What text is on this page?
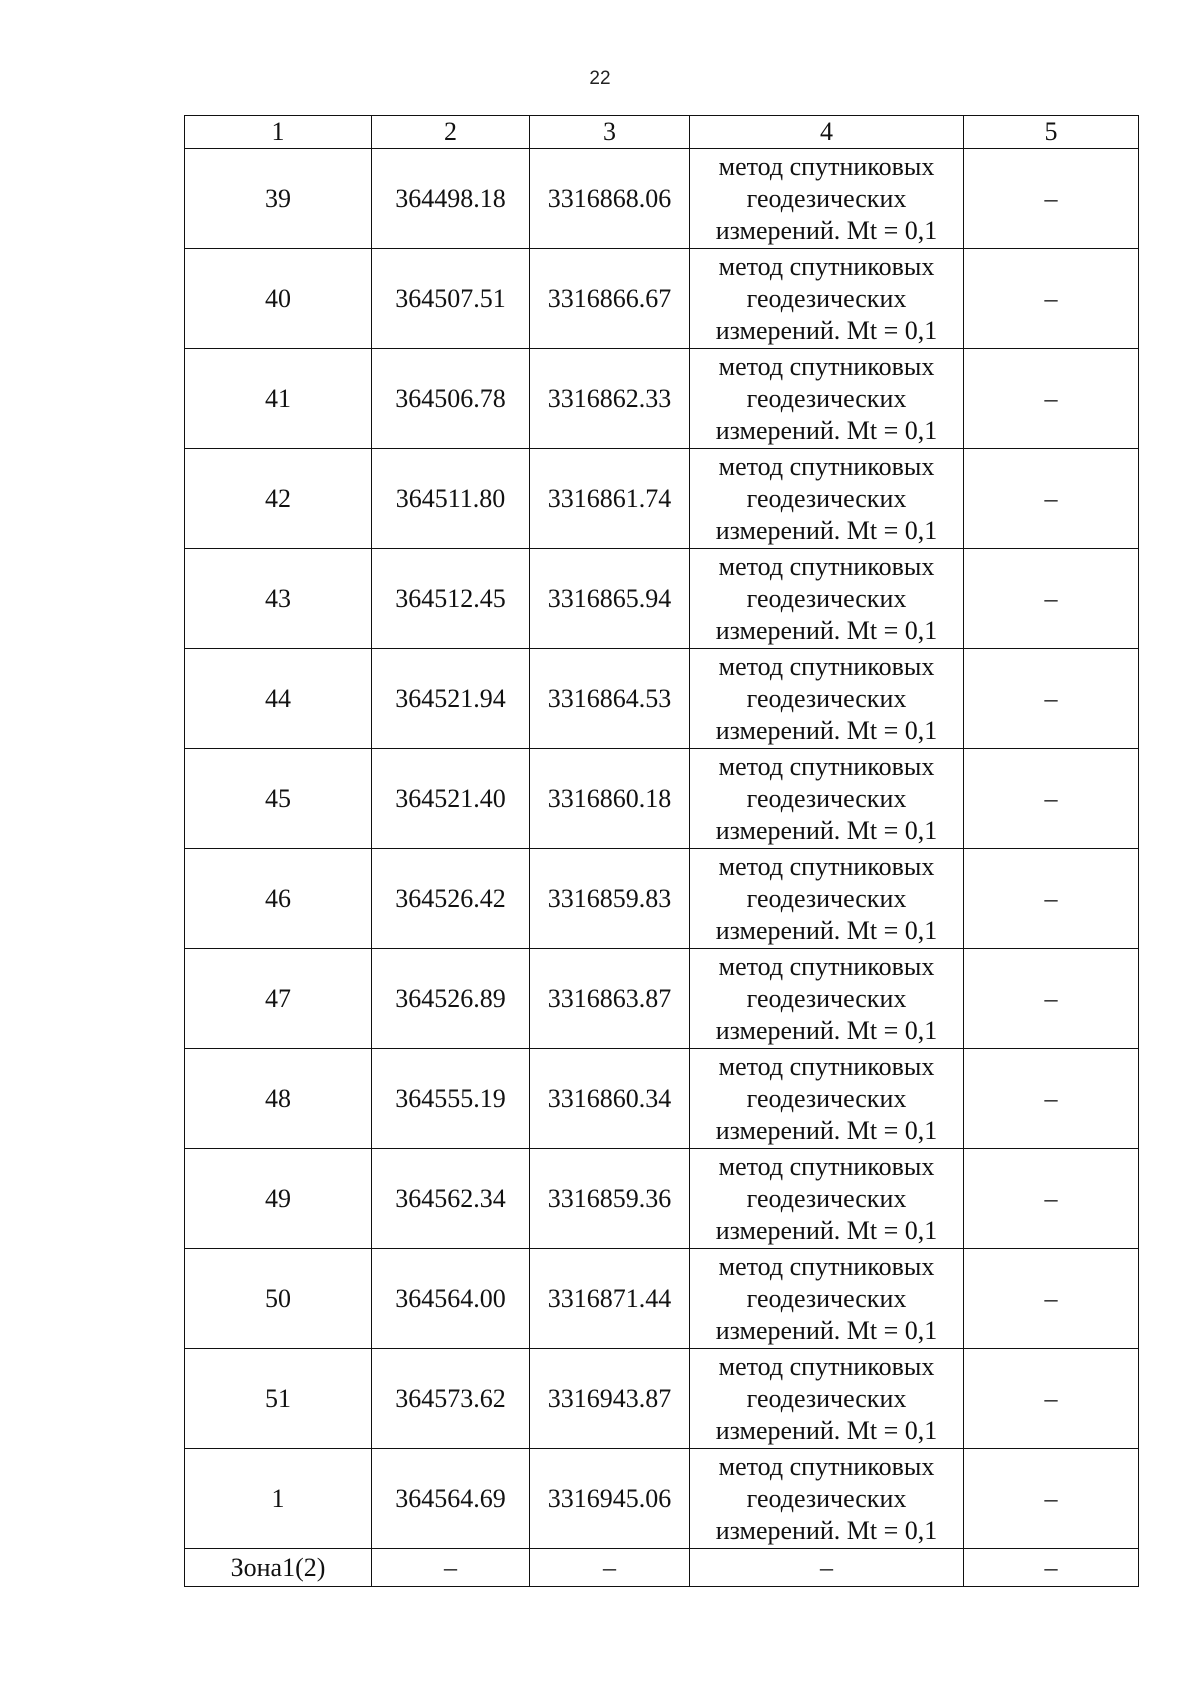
22
1	2	3	4	5
39	364498.18	3316868.06	метод спутниковых
геодезических
измерений. Mt = 0,1	–
40	364507.51	3316866.67	метод спутниковых
геодезических
измерений. Mt = 0,1	–
41	364506.78	3316862.33	метод спутниковых
геодезических
измерений. Mt = 0,1	–
42	364511.80	3316861.74	метод спутниковых
геодезических
измерений. Mt = 0,1	–
43	364512.45	3316865.94	метод спутниковых
геодезических
измерений. Mt = 0,1	–
44	364521.94	3316864.53	метод спутниковых
геодезических
измерений. Mt = 0,1	–
45	364521.40	3316860.18	метод спутниковых
геодезических
измерений. Mt = 0,1	–
46	364526.42	3316859.83	метод спутниковых
геодезических
измерений. Mt = 0,1	–
47	364526.89	3316863.87	метод спутниковых
геодезических
измерений. Mt = 0,1	–
48	364555.19	3316860.34	метод спутниковых
геодезических
измерений. Mt = 0,1	–
49	364562.34	3316859.36	метод спутниковых
геодезических
измерений. Mt = 0,1	–
50	364564.00	3316871.44	метод спутниковых
геодезических
измерений. Mt = 0,1	–
51	364573.62	3316943.87	метод спутниковых
геодезических
измерений. Mt = 0,1	–
1	364564.69	3316945.06	метод спутниковых
геодезических
измерений. Mt = 0,1	–
Зона1(2)	–	–	–	–
